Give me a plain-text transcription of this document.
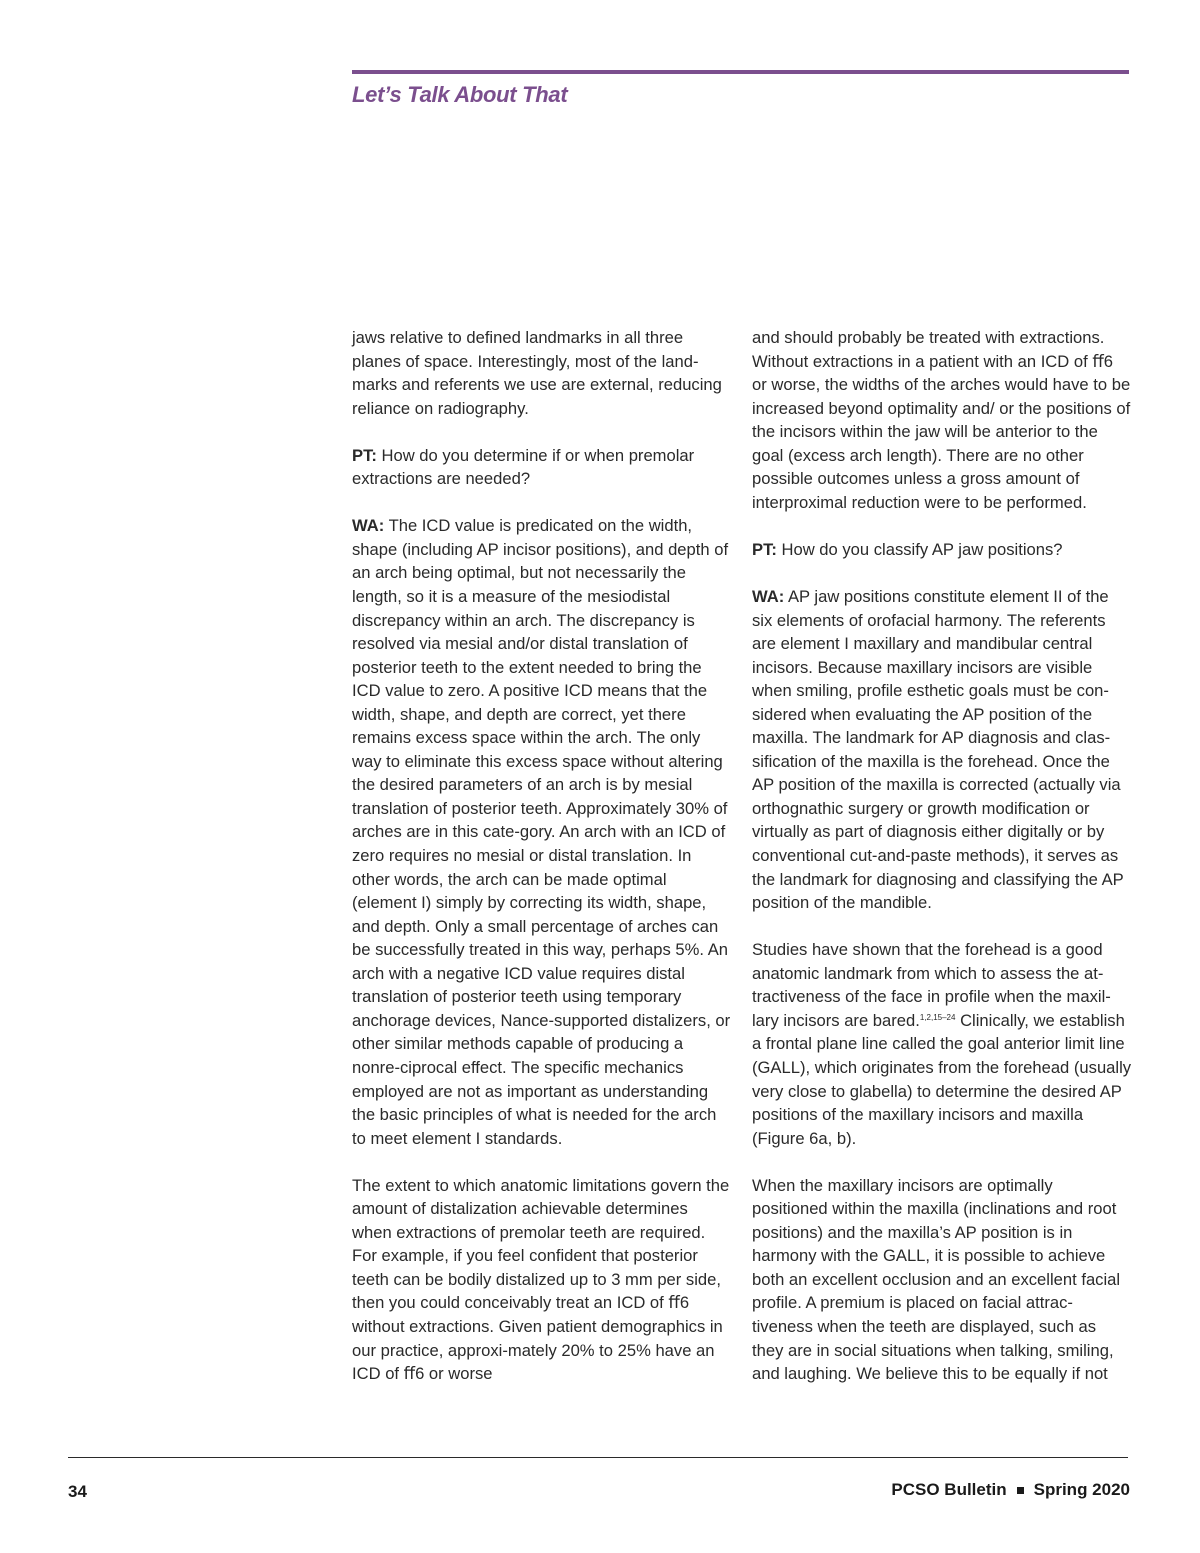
Let’s Talk About That

jaws relative to defined landmarks in all three planes of space. Interestingly, most of the land-marks and referents we use are external, reducing reliance on radiography.

PT: How do you determine if or when premolar extractions are needed?

WA: The ICD value is predicated on the width, shape (including AP incisor positions), and depth of an arch being optimal, but not necessarily the length, so it is a measure of the mesiodistal discrepancy within an arch. The discrepancy is resolved via mesial and/or distal translation of posterior teeth to the extent needed to bring the ICD value to zero. A positive ICD means that the width, shape, and depth are correct, yet there remains excess space within the arch. The only way to eliminate this excess space without altering the desired parameters of an arch is by mesial translation of posterior teeth. Approximately 30% of arches are in this cate-gory. An arch with an ICD of zero requires no mesial or distal translation. In other words, the arch can be made optimal (element I) simply by correcting its width, shape, and depth. Only a small percentage of arches can be successfully treated in this way, perhaps 5%. An arch with a negative ICD value requires distal translation of posterior teeth using temporary anchorage devices, Nance-supported distalizers, or other similar methods capable of producing a nonre-ciprocal effect. The specific mechanics employed are not as important as understanding the basic principles of what is needed for the arch to meet element I standards.

The extent to which anatomic limitations govern the amount of distalization achievable determines when extractions of premolar teeth are required. For example, if you feel confident that posterior teeth can be bodily distalized up to 3 mm per side, then you could conceivably treat an ICD of ﬀ6 without extractions. Given patient demographics in our practice, approxi-mately 20% to 25% have an ICD of ﬀ6 or worse

and should probably be treated with extractions. Without extractions in a patient with an ICD of ﬀ6 or worse, the widths of the arches would have to be increased beyond optimality and/ or the positions of the incisors within the jaw will be anterior to the goal (excess arch length). There are no other possible outcomes unless a gross amount of interproximal reduction were to be performed.

PT: How do you classify AP jaw positions?

WA: AP jaw positions constitute element II of the six elements of orofacial harmony. The referents are element I maxillary and mandibular central incisors. Because maxillary incisors are visible when smiling, profile esthetic goals must be con-sidered when evaluating the AP position of the maxilla. The landmark for AP diagnosis and clas-sification of the maxilla is the forehead. Once the AP position of the maxilla is corrected (actually via orthognathic surgery or growth modification or virtually as part of diagnosis either digitally or by conventional cut-and-paste methods), it serves as the landmark for diagnosing and classifying the AP position of the mandible.

Studies have shown that the forehead is a good anatomic landmark from which to assess the at-tractiveness of the face in profile when the maxil-lary incisors are bared.$^{1,2,15-24}$ Clinically, we establish a frontal plane line called the goal anterior limit line (GALL), which originates from the forehead (usually very close to glabella) to determine the desired AP positions of the maxillary incisors and maxilla (Figure 6a, b).

When the maxillary incisors are optimally positioned within the maxilla (inclinations and root positions) and the maxilla’s AP position is in harmony with the GALL, it is possible to achieve both an excellent occlusion and an excellent facial profile. A premium is placed on facial attrac-tiveness when the teeth are displayed, such as they are in social situations when talking, smiling, and laughing. We believe this to be equally if not

34	PCSO Bulletin Spring 2020
